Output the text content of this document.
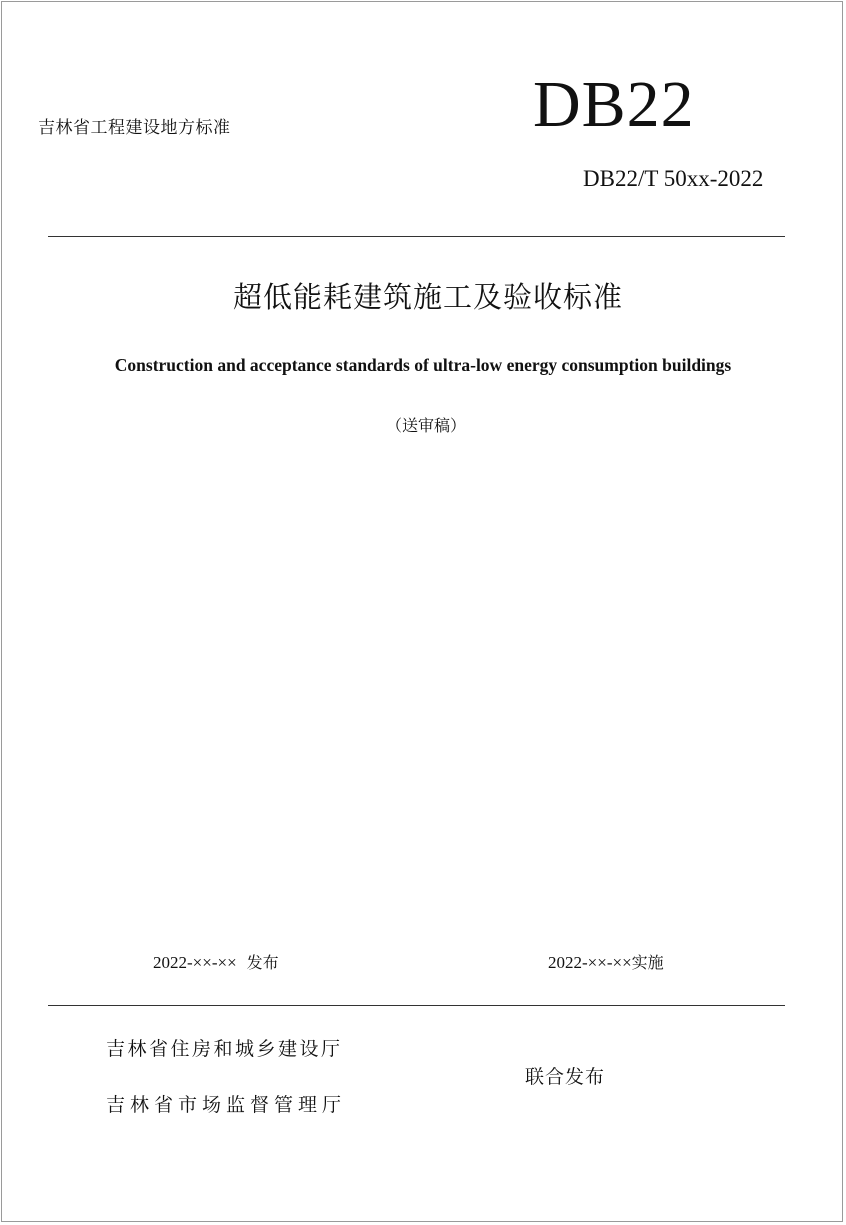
吉林省工程建设地方标准	DB22
DB22/T 50xx-2022
超低能耗建筑施工及验收标准
Construction and acceptance standards of ultra-low energy consumption buildings
（送审稿）
2022-××-×× 发布	2022-××-××实施
吉林省住房和城乡建设厅
吉林省市场监督管理厅
联合发布
